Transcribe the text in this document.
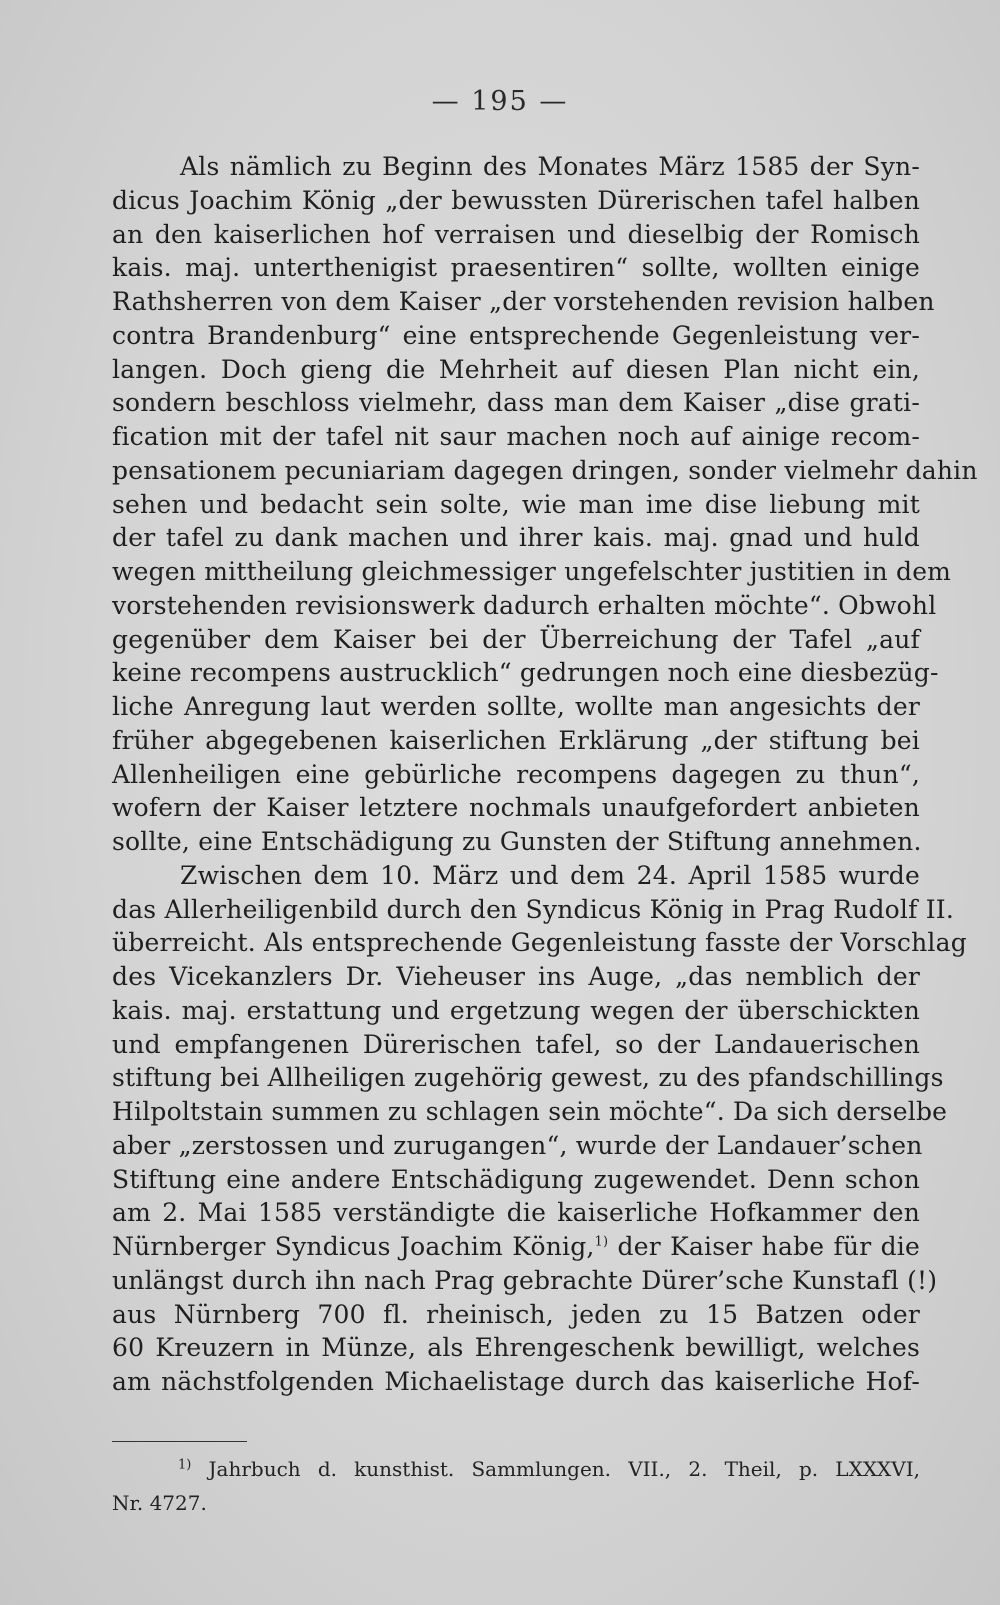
— 195 —
Als nämlich zu Beginn des Monates März 1585 der Syn-
dicus Joachim König „der bewussten Dürerischen tafel halben
an den kaiserlichen hof verraisen und dieselbig der Romisch
kais. maj. unterthenigist praesentiren“ sollte, wollten einige
Rathsherren von dem Kaiser „der vorstehenden revision halben
contra Brandenburg“ eine entsprechende Gegenleistung ver-
langen. Doch gieng die Mehrheit auf diesen Plan nicht ein,
sondern beschloss vielmehr, dass man dem Kaiser „dise grati-
fication mit der tafel nit saur machen noch auf ainige recom-
pensationem pecuniariam dagegen dringen, sonder vielmehr dahin
sehen und bedacht sein solte, wie man ime dise liebung mit
der tafel zu dank machen und ihrer kais. maj. gnad und huld
wegen mittheilung gleichmessiger ungefelschter justitien in dem
vorstehenden revisionswerk dadurch erhalten möchte“. Obwohl
gegenüber dem Kaiser bei der Überreichung der Tafel „auf
keine recompens austrucklich“ gedrungen noch eine diesbezüg-
liche Anregung laut werden sollte, wollte man angesichts der
früher abgegebenen kaiserlichen Erklärung „der stiftung bei
Allenheiligen eine gebürliche recompens dagegen zu thun“,
wofern der Kaiser letztere nochmals unaufgefordert anbieten
sollte, eine Entschädigung zu Gunsten der Stiftung annehmen.
Zwischen dem 10. März und dem 24. April 1585 wurde
das Allerheiligenbild durch den Syndicus König in Prag Rudolf II.
überreicht. Als entsprechende Gegenleistung fasste der Vorschlag
des Vicekanzlers Dr. Vieheuser ins Auge, „das nemblich der
kais. maj. erstattung und ergetzung wegen der überschickten
und empfangenen Dürerischen tafel, so der Landauerischen
stiftung bei Allheiligen zugehörig gewest, zu des pfandschillings
Hilpoltstain summen zu schlagen sein möchte“. Da sich derselbe
aber „zerstossen und zurugangen“, wurde der Landauer’schen
Stiftung eine andere Entschädigung zugewendet. Denn schon
am 2. Mai 1585 verständigte die kaiserliche Hofkammer den
Nürnberger Syndicus Joachim König,$^{1)}$ der Kaiser habe für die
unlängst durch ihn nach Prag gebrachte Dürer’sche Kunstafl (!)
aus Nürnberg 700 fl. rheinisch, jeden zu 15 Batzen oder
60 Kreuzern in Münze, als Ehrengeschenk bewilligt, welches
am nächstfolgenden Michaelistage durch das kaiserliche Hof-
$^{1)}$ Jahrbuch d. kunsthist. Sammlungen. VII., 2. Theil, p. LXXXVI,
Nr. 4727.
